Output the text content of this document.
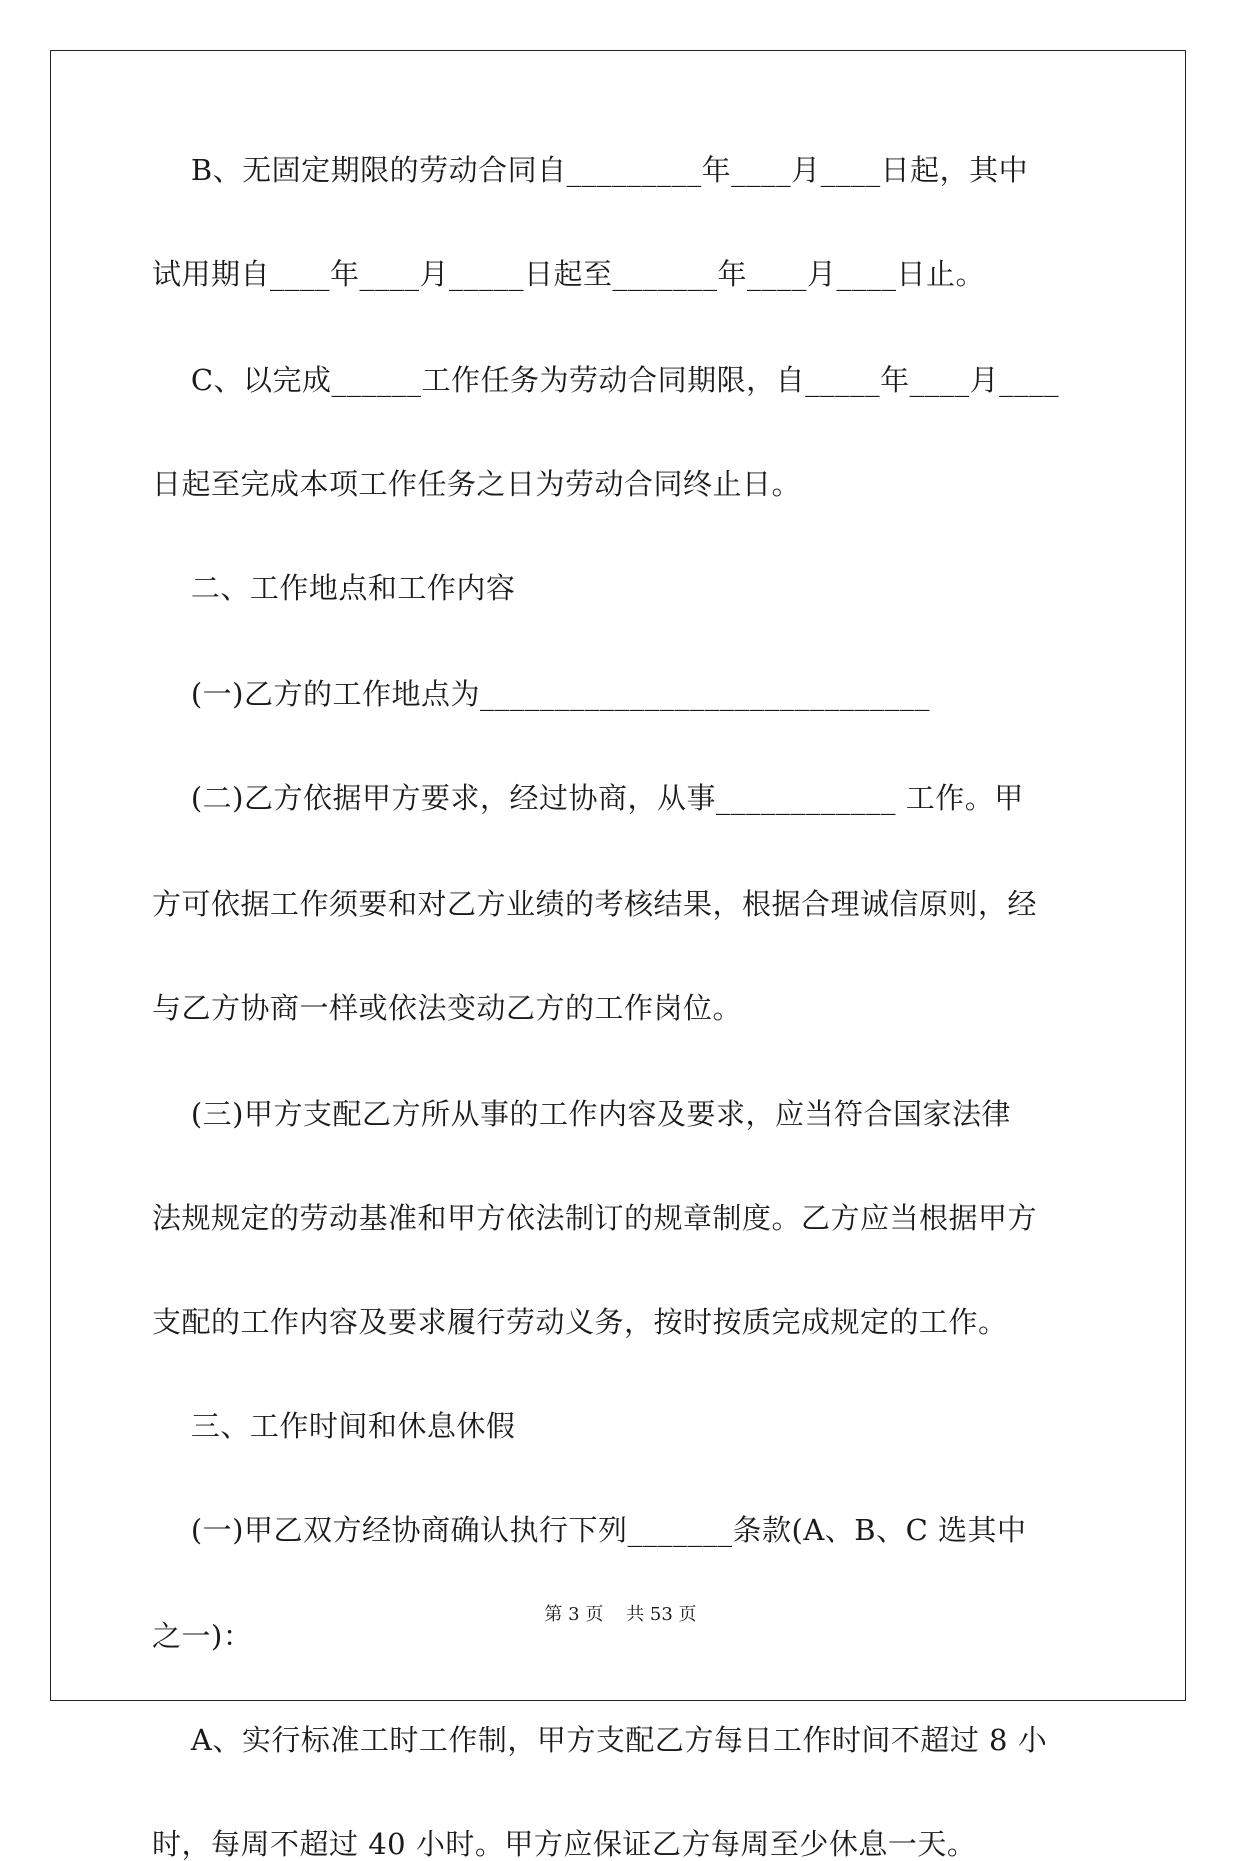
B、无固定期限的劳动合同自_________年____月____日起，其中
试用期自____年____月_____日起至_______年____月____日止。
C、以完成______工作任务为劳动合同期限，自_____年____月____
日起至完成本项工作任务之日为劳动合同终止日。
二、工作地点和工作内容
(一)乙方的工作地点为______________________________
(二)乙方依据甲方要求，经过协商，从事____________ 工作。甲
方可依据工作须要和对乙方业绩的考核结果，根据合理诚信原则，经
与乙方协商一样或依法变动乙方的工作岗位。
(三)甲方支配乙方所从事的工作内容及要求，应当符合国家法律
法规规定的劳动基准和甲方依法制订的规章制度。乙方应当根据甲方
支配的工作内容及要求履行劳动义务，按时按质完成规定的工作。
三、工作时间和休息休假
(一)甲乙双方经协商确认执行下列_______条款(A、B、C 选其中
之一)：
A、实行标准工时工作制，甲方支配乙方每日工作时间不超过 8 小
时，每周不超过 40 小时。甲方应保证乙方每周至少休息一天。
第 3 页    共 53 页
